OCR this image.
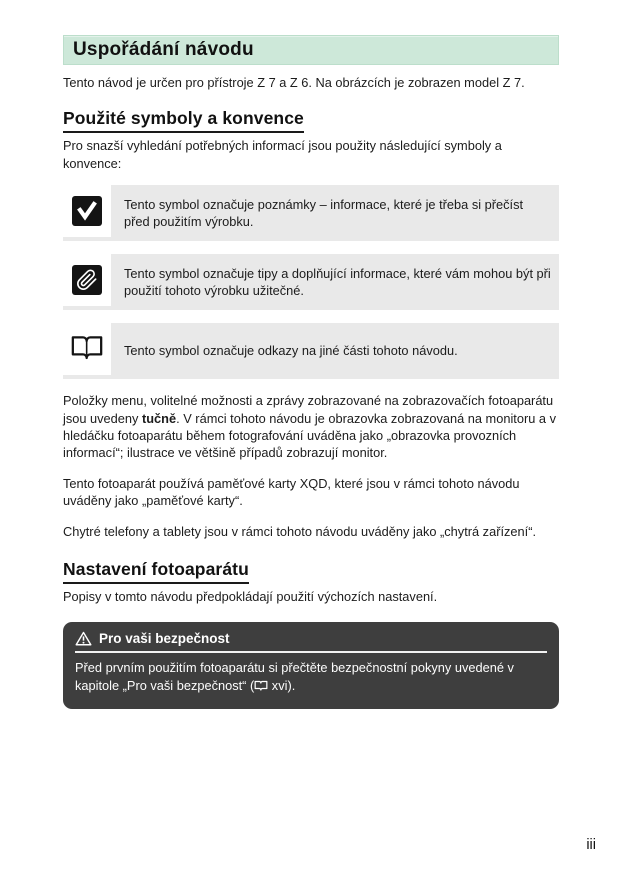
Uspořádání návodu

Tento návod je určen pro přístroje Z 7 a Z 6. Na obrázcích je zobrazen model Z 7.

Použité symboly a konvence

Pro snazší vyhledání potřebných informací jsou použity následující symboly a konvence:

Tento symbol označuje poznámky – informace, které je třeba si přečíst před použitím výrobku.
Tento symbol označuje tipy a doplňující informace, které vám mohou být při použití tohoto výrobku užitečné.
Tento symbol označuje odkazy na jiné části tohoto návodu.

Položky menu, volitelné možnosti a zprávy zobrazované na zobrazovačích fotoaparátu jsou uvedeny tučně. V rámci tohoto návodu je obrazovka zobrazovaná na monitoru a v hledáčku fotoaparátu během fotografování uváděna jako „obrazovka provozních informací“; ilustrace ve většině případů zobrazují monitor.

Tento fotoaparát používá paměťové karty XQD, které jsou v rámci tohoto návodu uváděny jako „paměťové karty“.

Chytré telefony a tablety jsou v rámci tohoto návodu uváděny jako „chytrá zařízení“.

Nastavení fotoaparátu

Popisy v tomto návodu předpokládají použití výchozích nastavení.

Pro vaši bezpečnost
Před prvním použitím fotoaparátu si přečtěte bezpečnostní pokyny uvedené v kapitole „Pro vaši bezpečnost“ ( xvi).
iii
